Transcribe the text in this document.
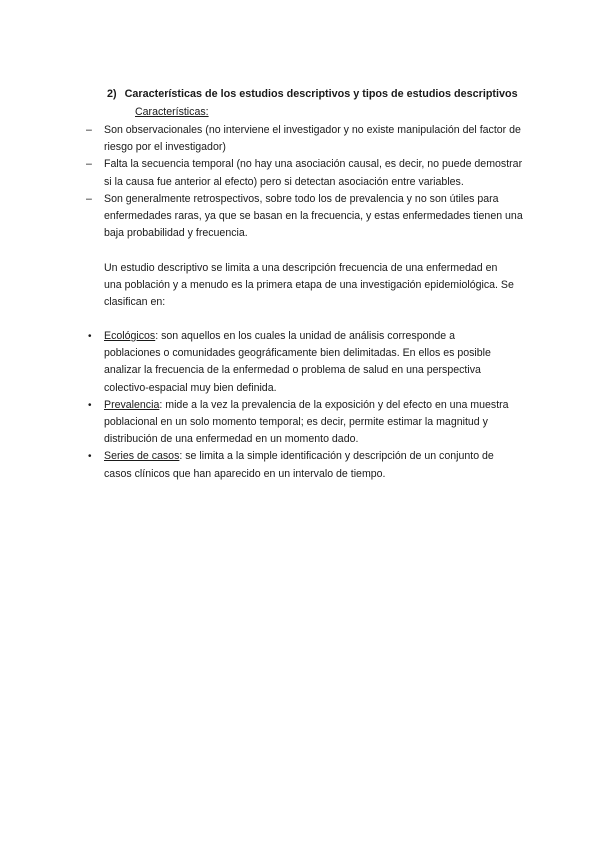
2) Características de los estudios descriptivos y tipos de estudios descriptivos
Características:
– Son observacionales (no interviene el investigador y no existe manipulación del factor de riesgo por el investigador)
– Falta la secuencia temporal (no hay una asociación causal, es decir, no puede demostrar si la causa fue anterior al efecto) pero si detectan asociación entre variables.
– Son generalmente retrospectivos, sobre todo los de prevalencia y no son útiles para enfermedades raras, ya que se basan en la frecuencia, y estas enfermedades tienen una baja probabilidad y frecuencia.

Un estudio descriptivo se limita a una descripción frecuencia de una enfermedad en una población y a menudo es la primera etapa de una investigación epidemiológica. Se clasifican en:

• Ecológicos: son aquellos en los cuales la unidad de análisis corresponde a poblaciones o comunidades geográficamente bien delimitadas. En ellos es posible analizar la frecuencia de la enfermedad o problema de salud en una perspectiva colectivo-espacial muy bien definida.
• Prevalencia: mide a la vez la prevalencia de la exposición y del efecto en una muestra poblacional en un solo momento temporal; es decir, permite estimar la magnitud y distribución de una enfermedad en un momento dado.
• Series de casos: se limita a la simple identificación y descripción de un conjunto de casos clínicos que han aparecido en un intervalo de tiempo.
